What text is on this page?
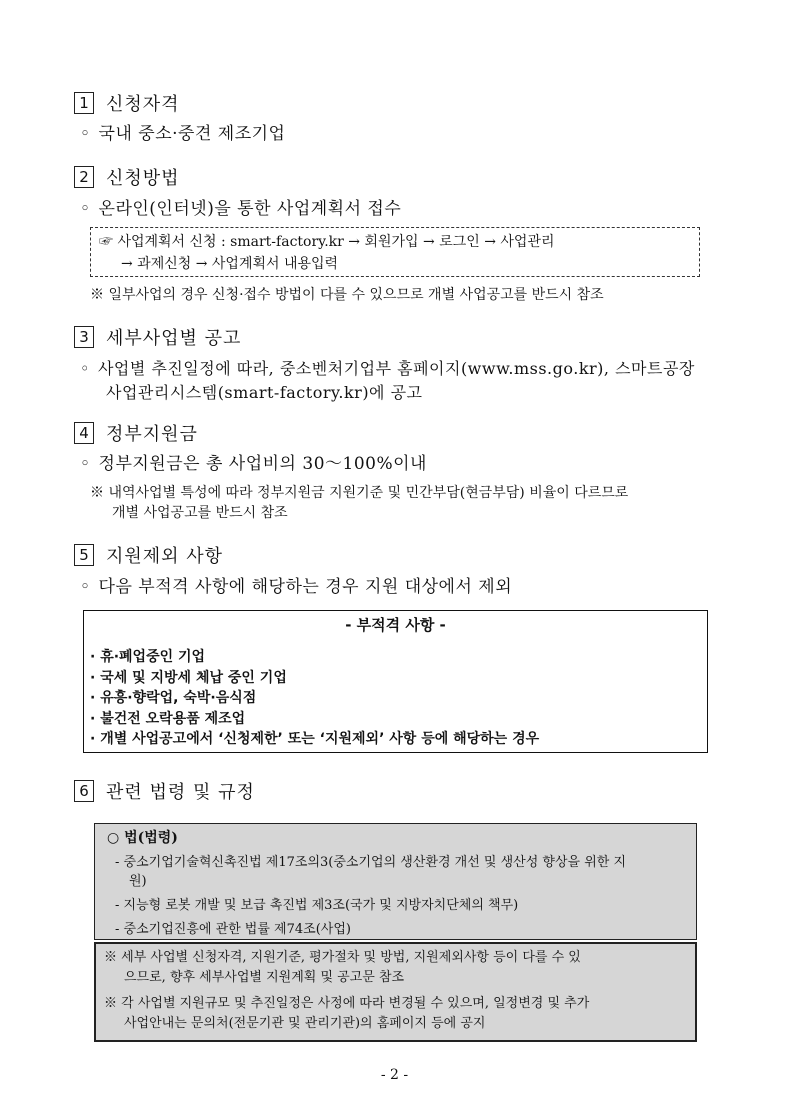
1 신청자격
◦ 국내 중소·중견 제조기업
2 신청방법
◦ 온라인(인터넷)을 통한 사업계획서 접수
☞ 사업계획서 신청 : smart-factory.kr → 회원가입 → 로그인 → 사업관리
→ 과제신청 → 사업계획서 내용입력
※ 일부사업의 경우 신청·접수 방법이 다를 수 있으므로 개별 사업공고를 반드시 참조
3 세부사업별 공고
◦ 사업별 추진일정에 따라, 중소벤처기업부 홈페이지(www.mss.go.kr), 스마트공장
사업관리시스템(smart-factory.kr)에 공고
4 정부지원금
◦ 정부지원금은 총 사업비의 30～100%이내
※ 내역사업별 특성에 따라 정부지원금 지원기준 및 민간부담(현금부담) 비율이 다르므로
개별 사업공고를 반드시 참조
5 지원제외 사항
◦ 다음 부적격 사항에 해당하는 경우 지원 대상에서 제외
- 부적격 사항 -
· 휴·폐업중인 기업
· 국세 및 지방세 체납 중인 기업
· 유흥·향락업, 숙박·음식점
· 불건전 오락용품 제조업
· 개별 사업공고에서 ‘신청제한’ 또는 ‘지원제외’ 사항 등에 해당하는 경우
6 관련 법령 및 규정
○ 법(법령)
- 중소기업기술혁신촉진법 제17조의3(중소기업의 생산환경 개선 및 생산성 향상을 위한 지
원)
- 지능형 로봇 개발 및 보급 촉진법 제3조(국가 및 지방자치단체의 책무)
- 중소기업진흥에 관한 법률 제74조(사업)
※ 세부 사업별 신청자격, 지원기준, 평가절차 및 방법, 지원제외사항 등이 다를 수 있
으므로, 향후 세부사업별 지원계획 및 공고문 참조
※ 각 사업별 지원규모 및 추진일정은 사정에 따라 변경될 수 있으며, 일정변경 및 추가
사업안내는 문의처(전문기관 및 관리기관)의 홈페이지 등에 공지
- 2 -
